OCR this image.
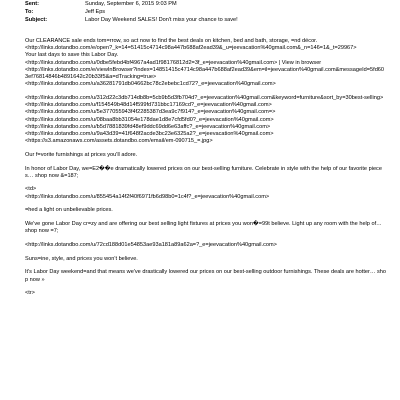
Sent:	Sunday, September 6, 2015 9:03 PM
To:	Jeff Eps
Subject:	Labor Day Weekend SALES! Don't miss your chance to save!
Our CLEARANCE sale ends tom=rrow, so act now to find the best deals on kitchen, bed and bath, storage, =nd décor.
<http://links.dotandbo.com/e/open?_k=14=51415c4714c98a447b688af2ead39&_u=jeevacation%40gmail.com&_n=146=1&_t=29967>
Your last days to save this Labor Day.
<http://links.dotandbo.com/u/0dbe5febd4bf4967a4ad1f98176812d2=3f_e=jeevacation%40gmail.com> | View in browser
<http://links.dotandbo.com/e/viewInBrowser?index=14851415c4714c98a447b688af2ead39&em=il=jeevacation%40gmail.com&messageId=5fd603ef76814846b4891642c20b33f5&a=dTracking=true>
<http://links.dotandbo.com/u/a36281791db04662bc78c2ebebc1cd72?_e=jeevacation%40gmail.com>
<http://links.dotandbo.com/u/312d22c3db714db8b=5cb9b5d3fb704d?_e=jeevacation%40gmail.com&keyword=furniture&sort_by=30best-selling>
<http://links.dotandbo.com/u/f154549b48d14f599fd731bbc17169cd?_e=jeevacation%40gmail.com>
<http://links.dotandbo.com/u/5e377055943f4f2285387d3ea9c7f914?_e=jeevacation%40gmail.com=>
<http://links.dotandbo.com/u/08baa8bb31054e178dae1d8e7cfd5fd0?_e=jeevacation%40gmail.com>
<http://links.dotandbo.com/u/b5d7881839fd48ef9ddc69dd6e63affc?_e=jeevacation%40gmail.com>
<http://links.dotandbo.com/u/9a43d39=41f648f2acde3bc23e6325a2?_e=jeevacation%40gmail.com>
<https://s3.amazonaws.com/assets.dotandbo.com/email/em-090715_=.jpg>
Our f=vorite furnishings at prices you'll adore.
In honor of Labor Day, we=E2��e dramatically lowered prices on our best-selling furniture. Celebrate in style with the help of our favorite pieces… shop now &=187;
<td>
<http://links.dotandbo.com/u/855454a14f2f40f6971fb6d98b0=1c4f?_e=jeevacation%40gmail.com>
=hed a light on unbelievable prices.
We've gone Labor Day cr=zy and are offering our best selling light fixtures at prices you won�=99t believe. Light up any room with the help of… shop now =7;
<http://links.dotandbo.com/u/72cd188d01e54853ae93a181a89a62a=?_e=jeevacation%40gmail.com>
Suns=ine, style, and prices you won't believe.
It's Labor Day weekend=and that means we've drastically lowered our prices on our best-selling outdoor furnishings. These deals are hotter… shop now »
<tr>
